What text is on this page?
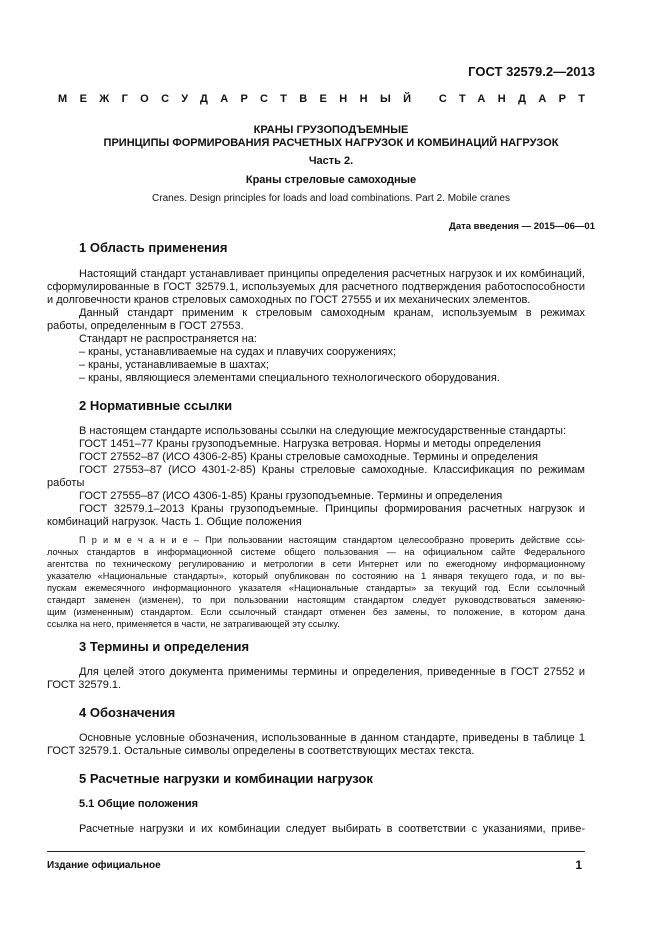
ГОСТ 32579.2—2013
МЕЖГОСУДАРСТВЕННЫЙ СТАНДАРТ
КРАНЫ ГРУЗОПОДЪЕМНЫЕ
ПРИНЦИПЫ ФОРМИРОВАНИЯ РАСЧЕТНЫХ НАГРУЗОК И КОМБИНАЦИЙ НАГРУЗОК
Часть 2.
Краны стреловые самоходные
Cranes. Design principles for loads and load combinations. Part 2. Mobile cranes
Дата введения — 2015—06—01
1 Область применения
Настоящий стандарт устанавливает принципы определения расчетных нагрузок и их комбинаций,
сформулированные в ГОСТ 32579.1, используемых для расчетного подтверждения работоспособности
и долговечности кранов стреловых самоходных по ГОСТ 27555 и их механических элементов.
Данный стандарт применим к стреловым самоходным кранам, используемым в режимах
работы, определенным в ГОСТ 27553.
Стандарт не распространяется на:
– краны, устанавливаемые на судах и плавучих сооружениях;
– краны, устанавливаемые в шахтах;
– краны, являющиеся элементами специального технологического оборудования.
2 Нормативные ссылки
В настоящем стандарте использованы ссылки на следующие межгосударственные стандарты:
ГОСТ 1451–77 Краны грузоподъемные. Нагрузка ветровая. Нормы и методы определения
ГОСТ 27552–87 (ИСО 4306-2-85) Краны стреловые самоходные. Термины и определения
ГОСТ 27553–87 (ИСО 4301-2-85) Краны стреловые самоходные. Классификация по режимам
работы
ГОСТ 27555–87 (ИСО 4306-1-85) Краны грузоподъемные. Термины и определения
ГОСТ 32579.1–2013 Краны грузоподъемные. Принципы формирования расчетных нагрузок и
комбинаций нагрузок. Часть 1. Общие положения
П р и м е ч а н и е – При пользовании настоящим стандартом целесообразно проверить действие ссы-
лочных стандартов в информационной системе общего пользования — на официальном сайте Федерального
агентства по техническому регулированию и метрологии в сети Интернет или по ежегодному информационному
указателю «Национальные стандарты», который опубликован по состоянию на 1 января текущего года, и по вы-
пускам ежемесячного информационного указателя «Национальные стандарты» за текущий год. Если ссылочный
стандарт заменен (изменен), то при пользовании настоящим стандартом следует руководствоваться заменяю-
щим (измененным) стандартом. Если ссылочный стандарт отменен без замены, то положение, в котором дана
ссылка на него, применяется в части, не затрагивающей эту ссылку.
3 Термины и определения
Для целей этого документа применимы термины и определения, приведенные в ГОСТ 27552 и
ГОСТ 32579.1.
4 Обозначения
Основные условные обозначения, использованные в данном стандарте, приведены в таблице 1
ГОСТ 32579.1. Остальные символы определены в соответствующих местах текста.
5 Расчетные нагрузки и комбинации нагрузок
5.1 Общие положения
Расчетные нагрузки и их комбинации следует выбирать в соответствии с указаниями, приве-
Издание официальное	1
